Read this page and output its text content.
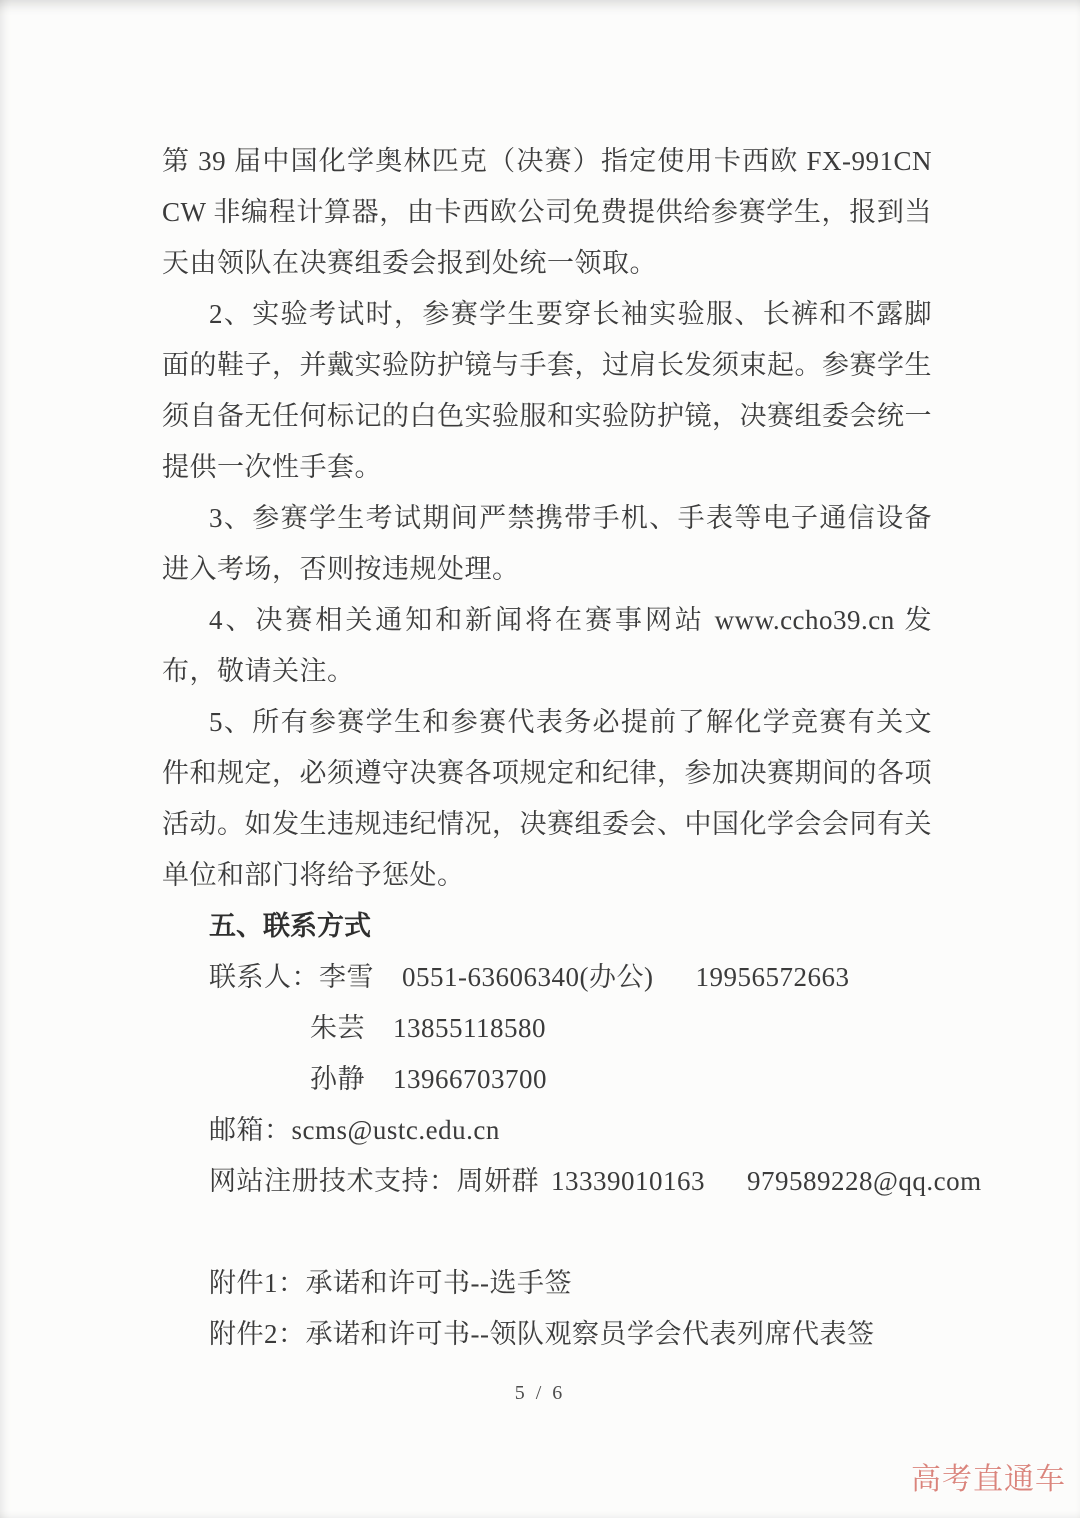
第 39 届中国化学奥林匹克（决赛）指定使用卡西欧 FX-991CN CW 非编程计算器，由卡西欧公司免费提供给参赛学生，报到当天由领队在决赛组委会报到处统一领取。

2、实验考试时，参赛学生要穿长袖实验服、长裤和不露脚面的鞋子，并戴实验防护镜与手套，过肩长发须束起。参赛学生须自备无任何标记的白色实验服和实验防护镜，决赛组委会统一提供一次性手套。

3、参赛学生考试期间严禁携带手机、手表等电子通信设备进入考场，否则按违规处理。

4、决赛相关通知和新闻将在赛事网站 www.ccho39.cn 发布，敬请关注。

5、所有参赛学生和参赛代表务必提前了解化学竞赛有关文件和规定，必须遵守决赛各项规定和纪律，参加决赛期间的各项活动。如发生违规违纪情况，决赛组委会、中国化学会会同有关单位和部门将给予惩处。

五、联系方式
联系人：李雪 0551-63606340(办公) 19956572663
朱芸 13855118580
孙静 13966703700
邮箱：scms@ustc.edu.cn
网站注册技术支持：周妍群 13339010163 979589228@qq.com
附件1：承诺和许可书--选手签
附件2：承诺和许可书--领队观察员学会代表列席代表签
5 / 6
高考直通车
